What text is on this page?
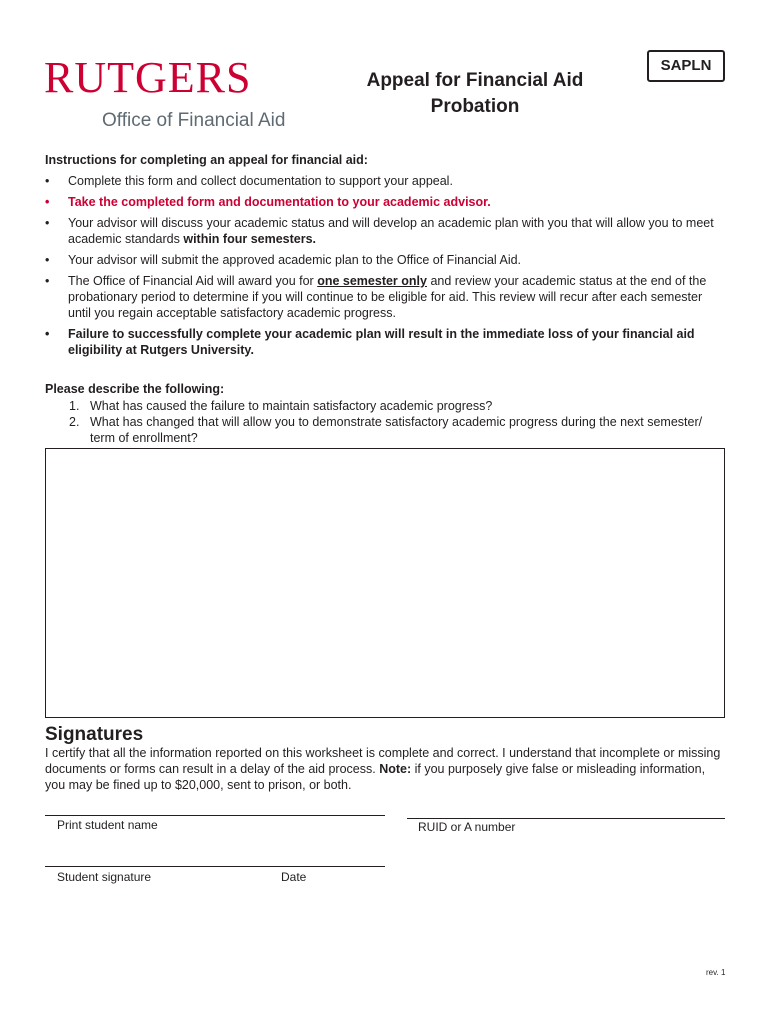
RUTGERS
Office of Financial Aid
Appeal for Financial Aid
Probation
SAPLN
Instructions for completing an appeal for financial aid:
• Complete this form and collect documentation to support your appeal.
• Take the completed form and documentation to your academic advisor.
• Your advisor will discuss your academic status and will develop an academic plan with you that will allow you to meet academic standards within four semesters.
• Your advisor will submit the approved academic plan to the Office of Financial Aid.
• The Office of Financial Aid will award you for one semester only and review your academic status at the end of the probationary period to determine if you will continue to be eligible for aid. This review will recur after each semester until you regain acceptable satisfactory academic progress.
• Failure to successfully complete your academic plan will result in the immediate loss of your financial aid eligibility at Rutgers University.
Please describe the following:
1. What has caused the failure to maintain satisfactory academic progress?
2. What has changed that will allow you to demonstrate satisfactory academic progress during the next semester/ term of enrollment?
Signatures
I certify that all the information reported on this worksheet is complete and correct. I understand that incomplete or missing documents or forms can result in a delay of the aid process. Note: if you purposely give false or misleading information, you may be fined up to $20,000, sent to prison, or both.
Print student name	RUID or A number
Student signature	Date
rev. 1
